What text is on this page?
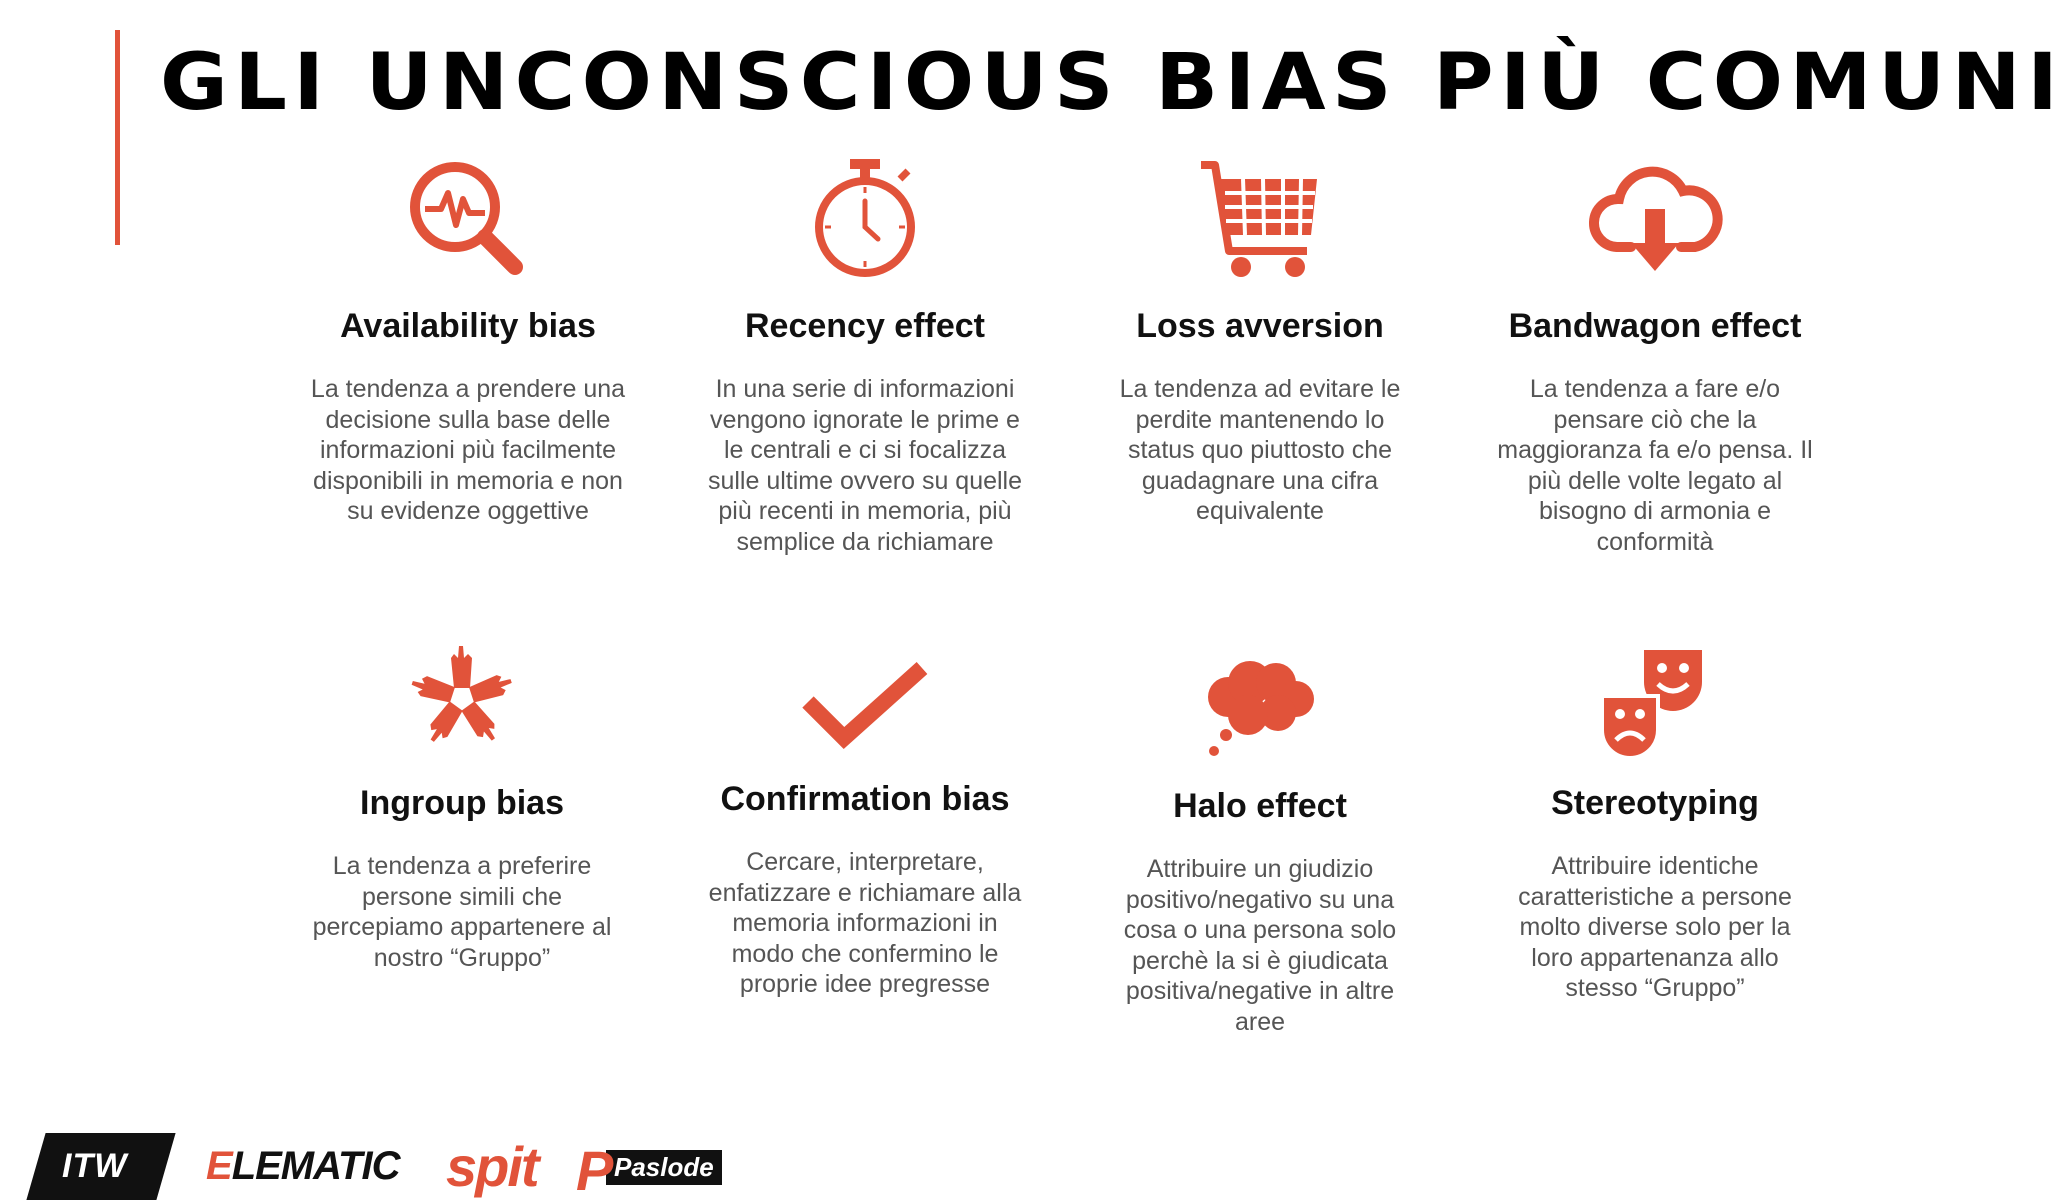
GLI UNCONSCIOUS BIAS PIÙ COMUNI
Availability bias

La tendenza a prendere una
decisione sulla base delle
informazioni più facilmente
disponibili in memoria e non
su evidenze oggettive

Recency effect

In una serie di informazioni
vengono ignorate le prime e
le centrali e ci si focalizza
sulle ultime ovvero su quelle
più recenti in memoria, più
semplice da richiamare

Loss avversion

La tendenza ad evitare le
perdite mantenendo lo
status quo piuttosto che
guadagnare una cifra
equivalente

Bandwagon effect

La tendenza a fare e/o
pensare ciò che la
maggioranza fa e/o pensa. Il
più delle volte legato al
bisogno di armonia e
conformità

Ingroup bias

La tendenza a preferire
persone simili che
percepiamo appartenere al
nostro “Gruppo”

Confirmation bias

Cercare, interpretare,
enfatizzare e richiamare alla
memoria informazioni in
modo che confermino le
proprie idee pregresse

Halo effect

Attribuire un giudizio
positivo/negativo su una
cosa o una persona solo
perchè la si è giudicata
positiva/negative in altre
aree

Stereotyping

Attribuire identiche
caratteristiche a persone
molto diverse solo per la
loro appartenanza allo
stesso “Gruppo”

ITW ELEMATIC spit	Paslode
P
